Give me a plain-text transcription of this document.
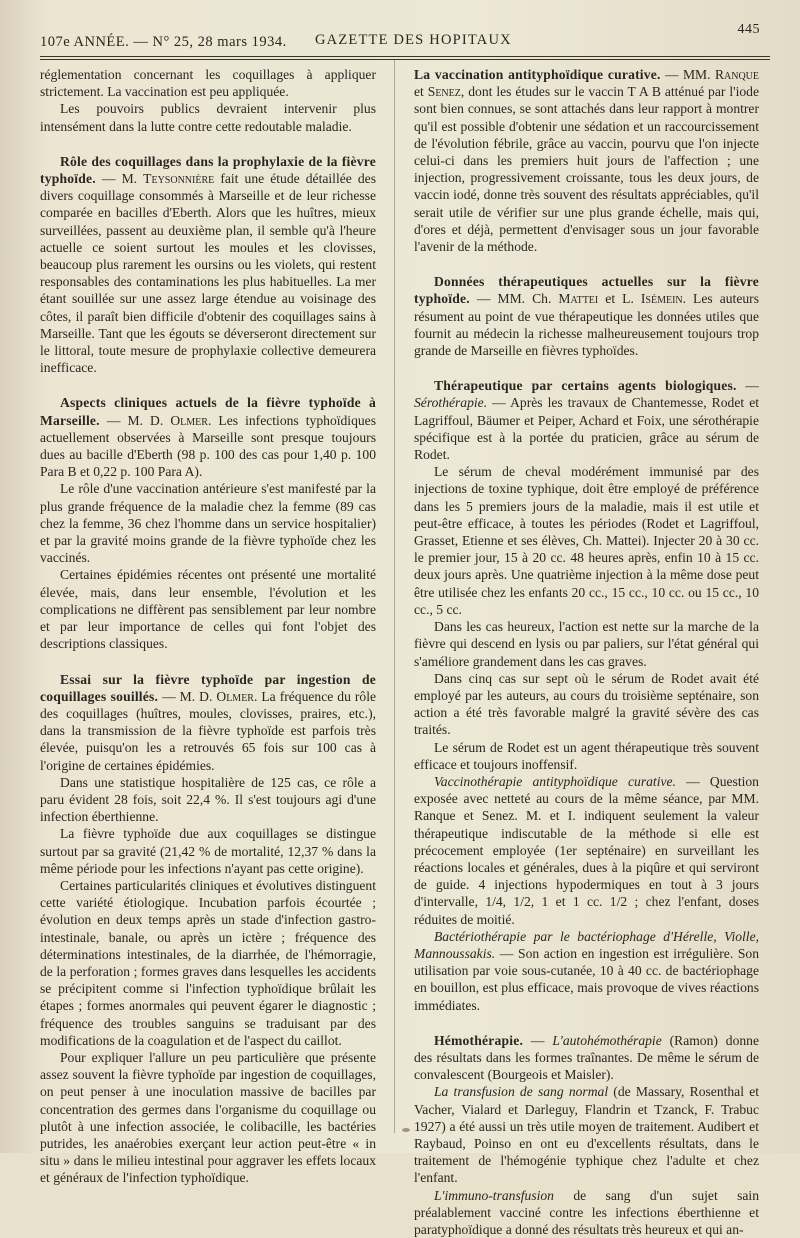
107e ANNÉE. — N° 25, 28 mars 1934. GAZETTE DES HOPITAUX
445

réglementation concernant les coquillages à appliquer strictement. La vaccination est peu appliquée.

Les pouvoirs publics devraient intervenir plus intensément dans la lutte contre cette redoutable maladie.

Rôle des coquillages dans la prophylaxie de la fièvre typhoïde. — M. Teysonnière fait une étude détaillée des divers coquillage consommés à Marseille et de leur richesse comparée en bacilles d'Eberth. Alors que les huîtres, mieux surveillées, passent au deuxième plan, il semble qu'à l'heure actuelle ce soient surtout les moules et les clovisses, beaucoup plus rarement les oursins ou les violets, qui restent responsables des contaminations les plus habituelles. La mer étant souillée sur une assez large étendue au voisinage des côtes, il paraît bien difficile d'obtenir des coquillages sains à Marseille. Tant que les égouts se déverseront directement sur le littoral, toute mesure de prophylaxie collective demeurera inefficace.

Aspects cliniques actuels de la fièvre typhoïde à Marseille. — M. D. Olmer. Les infections typhoïdiques actuellement observées à Marseille sont presque toujours dues au bacille d'Eberth (98 p. 100 des cas pour 1,40 p. 100 Para B et 0,22 p. 100 Para A).

Le rôle d'une vaccination antérieure s'est manifesté par la plus grande fréquence de la maladie chez la femme (89 cas chez la femme, 36 chez l'homme dans un service hospitalier) et par la gravité moins grande de la fièvre typhoïde chez les vaccinés.

Certaines épidémies récentes ont présenté une mortalité élevée, mais, dans leur ensemble, l'évolution et les complications ne diffèrent pas sensiblement par leur nombre et par leur importance de celles qui font l'objet des descriptions classiques.

Essai sur la fièvre typhoïde par ingestion de coquillages souillés. — M. D. Olmer. La fréquence du rôle des coquillages (huîtres, moules, clovisses, praires, etc.), dans la transmission de la fièvre typhoïde est parfois très élevée, puisqu'on les a retrouvés 65 fois sur 100 cas à l'origine de certaines épidémies.

Dans une statistique hospitalière de 125 cas, ce rôle a paru évident 28 fois, soit 22,4 %. Il s'est toujours agi d'une infection éberthienne.

La fièvre typhoïde due aux coquillages se distingue surtout par sa gravité (21,42 % de mortalité, 12,37 % dans la même période pour les infections n'ayant pas cette origine).

Certaines particularités cliniques et évolutives distinguent cette variété étiologique. Incubation parfois écourtée ; évolution en deux temps après un stade d'infection gastro-intestinale, banale, ou après un ictère ; fréquence des déterminations intestinales, de la diarrhée, de l'hémorragie, de la perforation ; formes graves dans lesquelles les accidents se précipitent comme si l'infection typhoïdique brûlait les étapes ; formes anormales qui peuvent égarer le diagnostic ; fréquence des troubles sanguins se traduisant par des modifications de la coagulation et de l'aspect du caillot.

Pour expliquer l'allure un peu particulière que présente assez souvent la fièvre typhoïde par ingestion de coquillages, on peut penser à une inoculation massive de bacilles par concentration des germes dans l'organisme du coquillage ou plutôt à une infection associée, le colibacille, les bactéries putrides, les anaérobies exerçant leur action peut-être « in situ » dans le milieu intestinal pour aggraver les effets locaux et généraux de l'infection typhoïdique.

La vaccination antityphoïdique curative. — MM. Ranque et Senez, dont les études sur le vaccin T A B atténué par l'iode sont bien connues, se sont attachés dans leur rapport à montrer qu'il est possible d'obtenir une sédation et un raccourcissement de l'évolution fébrile, grâce au vaccin, pourvu que l'on injecte celui-ci dans les premiers huit jours de l'affection ; une injection, progressivement croissante, tous les deux jours, de vaccin iodé, donne très souvent des résultats appréciables, qu'il serait utile de vérifier sur une plus grande échelle, mais qui, d'ores et déjà, permettent d'envisager sous un jour favorable l'avenir de la méthode.

Données thérapeutiques actuelles sur la fièvre typhoïde. — MM. Ch. Mattei et L. Isémein. Les auteurs résument au point de vue thérapeutique les données utiles que fournit au médecin la richesse malheureusement toujours trop grande de Marseille en fièvres typhoïdes.

Thérapeutique par certains agents biologiques. — Sérothérapie. — Après les travaux de Chantemesse, Rodet et Lagriffoul, Bäumer et Peiper, Achard et Foix, une sérothérapie spécifique est à la portée du praticien, grâce au sérum de Rodet.

Le sérum de cheval modérément immunisé par des injections de toxine typhique, doit être employé de préférence dans les 5 premiers jours de la maladie, mais il est utile et peut-être efficace, à toutes les périodes (Rodet et Lagriffoul, Grasset, Etienne et ses élèves, Ch. Mattei). Injecter 20 à 30 cc. le premier jour, 15 à 20 cc. 48 heures après, enfin 10 à 15 cc. deux jours après. Une quatrième injection à la même dose peut être utilisée chez les enfants 20 cc., 15 cc., 10 cc. ou 15 cc., 10 cc., 5 cc.

Dans les cas heureux, l'action est nette sur la marche de la fièvre qui descend en lysis ou par paliers, sur l'état général qui s'améliore grandement dans les cas graves.

Dans cinq cas sur sept où le sérum de Rodet avait été employé par les auteurs, au cours du troisième septénaire, son action a été très favorable malgré la gravité sévère des cas traités.

Le sérum de Rodet est un agent thérapeutique très souvent efficace et toujours inoffensif.

Vaccinothérapie antityphoïdique curative. — Question exposée avec netteté au cours de la même séance, par MM. Ranque et Senez. M. et I. indiquent seulement la valeur thérapeutique indiscutable de la méthode si elle est précocement employée (1er septénaire) en surveillant les réactions locales et générales, dues à la piqûre et qui serviront de guide. 4 injections hypodermiques en tout à 3 jours d'intervalle, 1/4, 1/2, 1 et 1 cc. 1/2 ; chez l'enfant, doses réduites de moitié.

Bactériothérapie par le bactériophage d'Hérelle, Violle, Mannoussakis. — Son action en ingestion est irrégulière. Son utilisation par voie sous-cutanée, 10 à 40 cc. de bactériophage en bouillon, est plus efficace, mais provoque de vives réactions immédiates.

Hémothérapie. — L'autohémothérapie (Ramon) donne des résultats dans les formes traînantes. De même le sérum de convalescent (Bourgeois et Maisler).

La transfusion de sang normal (de Massary, Rosenthal et Vacher, Vialard et Darleguy, Flandrin et Tzanck, F. Trabuc 1927) a été aussi un très utile moyen de traitement. Audibert et Raybaud, Poinso en ont eu d'excellents résultats, dans le traitement de l'hémogénie typhique chez l'adulte et chez l'enfant.

L'immuno-transfusion de sang d'un sujet sain préalablement vacciné contre les infections éberthienne et paratyphoïdique a donné des résultats très heureux et qui an-
